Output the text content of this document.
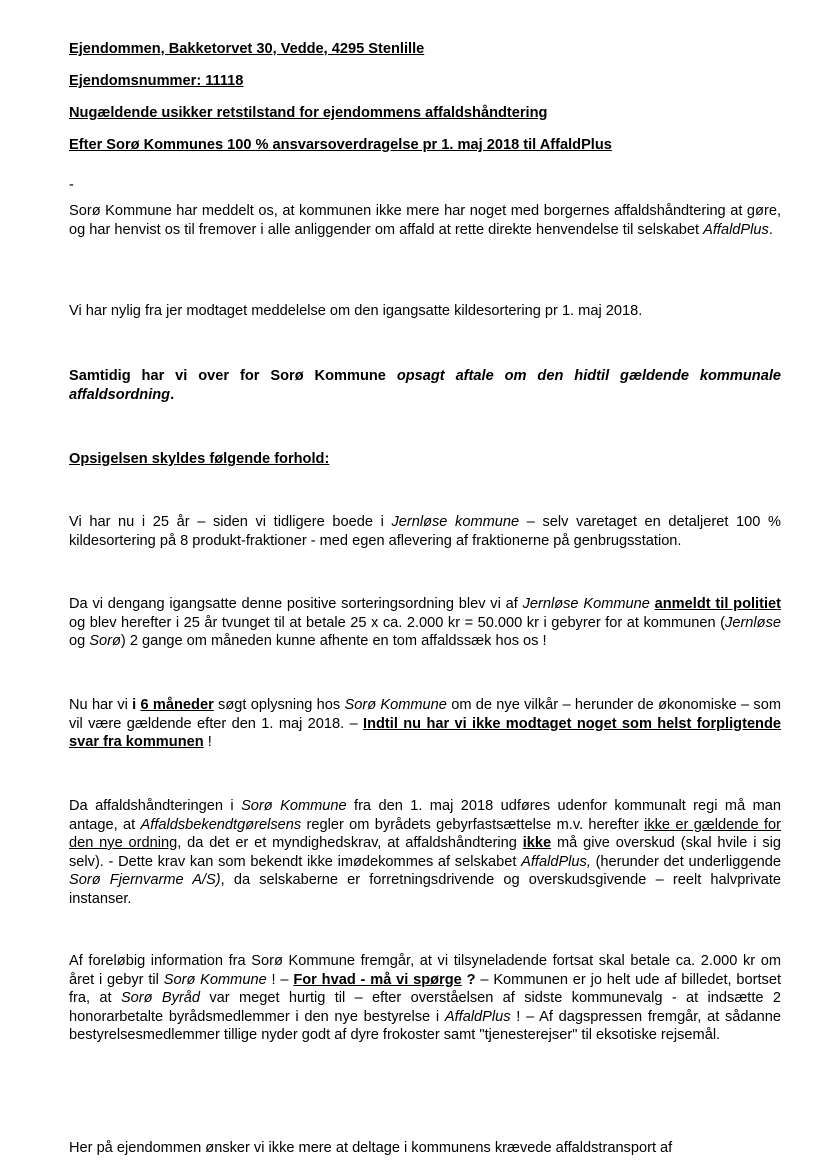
Ejendommen, Bakketorvet 30, Vedde, 4295 Stenlille
Ejendomsnummer: 11118
Nugældende usikker retstilstand for ejendommens affaldshåndtering
Efter Sorø Kommunes 100 % ansvarsoverdragelse pr 1. maj 2018 til AffaldPlus
-
Sorø Kommune har meddelt os, at kommunen ikke mere har noget med borgernes affaldshåndtering at gøre, og har henvist os til fremover i alle anliggender om affald at rette direkte henvendelse til selskabet AffaldPlus.
Vi har nylig fra jer modtaget meddelelse om den igangsatte kildesortering pr 1. maj 2018.
Samtidig har vi over for Sorø Kommune opsagt aftale om den hidtil gældende kommunale affaldsordning.
Opsigelsen skyldes følgende forhold:
Vi har nu i 25 år – siden vi tidligere boede i Jernløse kommune – selv varetaget en detaljeret 100 % kildesortering på 8 produkt-fraktioner - med egen aflevering af fraktionerne på genbrugsstation.
Da vi dengang igangsatte denne positive sorteringsordning blev vi af Jernløse Kommune anmeldt til politiet og blev herefter i 25 år tvunget til at betale 25 x ca. 2.000 kr = 50.000 kr i gebyrer for at kommunen (Jernløse og Sorø) 2 gange om måneden kunne afhente en tom affaldssæk hos os !
Nu har vi i 6 måneder søgt oplysning hos Sorø Kommune om de nye vilkår – herunder de økonomiske – som vil være gældende efter den 1. maj 2018. – Indtil nu har vi ikke modtaget noget som helst forpligtende svar fra kommunen !
Da affaldshåndteringen i Sorø Kommune fra den 1. maj 2018 udføres udenfor kommunalt regi må man antage, at Affaldsbekendtgørelsens regler om byrådets gebyrfastsættelse m.v. herefter ikke er gældende for den nye ordning, da det er et myndighedskrav, at affaldshåndtering ikke må give overskud (skal hvile i sig selv). - Dette krav kan som bekendt ikke imødekommes af selskabet AffaldPlus, (herunder det underliggende Sorø Fjernvarme A/S), da selskaberne er forretningsdrivende og overskudsgivende – reelt halvprivate instanser.
Af foreløbig information fra Sorø Kommune fremgår, at vi tilsyneladende fortsat skal betale ca. 2.000 kr om året i gebyr til Sorø Kommune ! – For hvad - må vi spørge ? – Kommunen er jo helt ude af billedet, bortset fra, at Sorø Byråd var meget hurtig til – efter overståelsen af sidste kommunevalg - at indsætte 2 honorarbetalte byrådsmedlemmer i den nye bestyrelse i AffaldPlus ! – Af dagspressen fremgår, at sådanne bestyrelsesmedlemmer tillige nyder godt af dyre frokoster samt "tjenesterejser" til eksotiske rejsemål.
Her på ejendommen ønsker vi ikke mere at deltage i kommunens krævede affaldstransport af
